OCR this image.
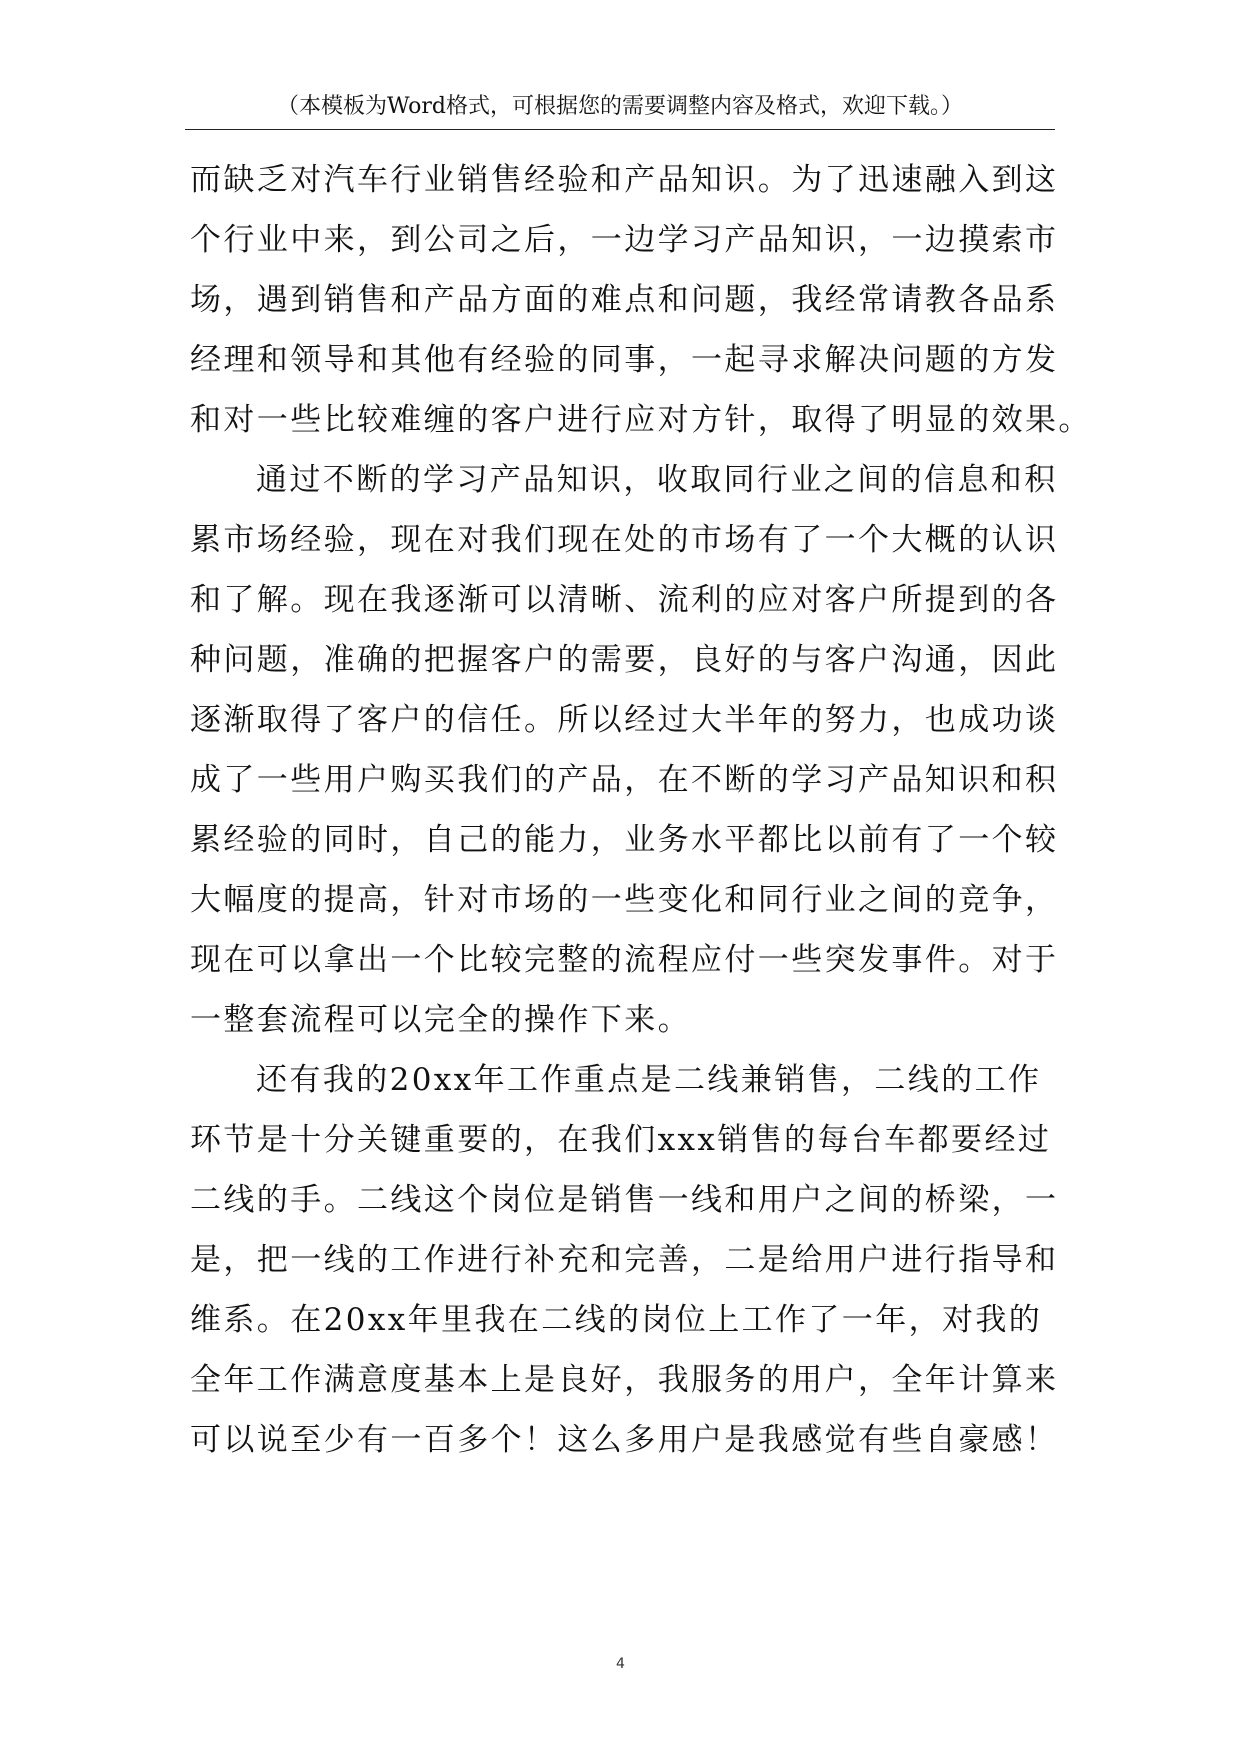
（本模板为Word格式，可根据您的需要调整内容及格式，欢迎下载。）
而缺乏对汽车行业销售经验和产品知识。为了迅速融入到这
个行业中来，到公司之后，一边学习产品知识，一边摸索市
场，遇到销售和产品方面的难点和问题，我经常请教各品系
经理和领导和其他有经验的同事，一起寻求解决问题的方发
和对一些比较难缠的客户进行应对方针，取得了明显的效果。
通过不断的学习产品知识，收取同行业之间的信息和积
累市场经验，现在对我们现在处的市场有了一个大概的认识
和了解。现在我逐渐可以清晰、流利的应对客户所提到的各
种问题，准确的把握客户的需要，良好的与客户沟通，因此
逐渐取得了客户的信任。所以经过大半年的努力，也成功谈
成了一些用户购买我们的产品，在不断的学习产品知识和积
累经验的同时，自己的能力，业务水平都比以前有了一个较
大幅度的提高，针对市场的一些变化和同行业之间的竞争，
现在可以拿出一个比较完整的流程应付一些突发事件。对于
一整套流程可以完全的操作下来。
还有我的20xx年工作重点是二线兼销售，二线的工作
环节是十分关键重要的，在我们xxx销售的每台车都要经过
二线的手。二线这个岗位是销售一线和用户之间的桥梁，一
是，把一线的工作进行补充和完善，二是给用户进行指导和
维系。在20xx年里我在二线的岗位上工作了一年，对我的
全年工作满意度基本上是良好，我服务的用户，全年计算来
可以说至少有一百多个！这么多用户是我感觉有些自豪感！
4
